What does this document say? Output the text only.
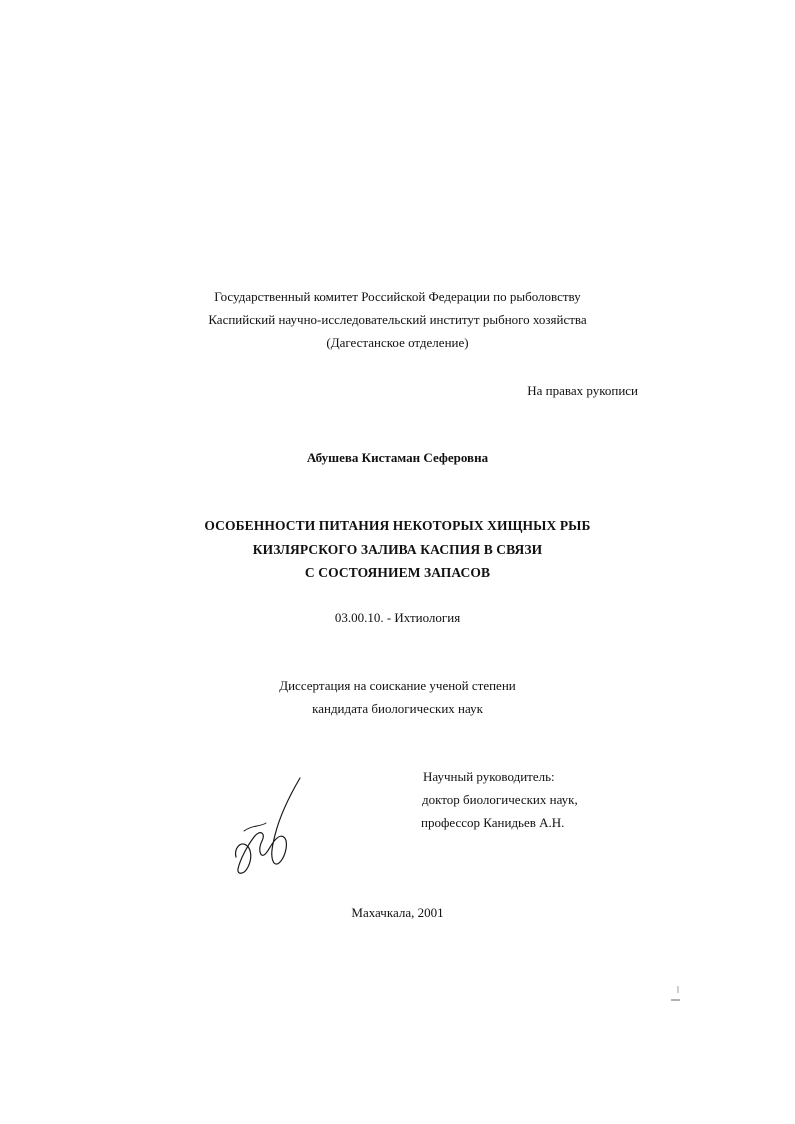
Государственный комитет Российской Федерации по рыболовству
Каспийский научно-исследовательский институт рыбного хозяйства
(Дагестанское отделение)
На правах рукописи
Абушева Кистаман Сеферовна
ОСОБЕННОСТИ ПИТАНИЯ НЕКОТОРЫХ ХИЩНЫХ РЫБ
КИЗЛЯРСКОГО ЗАЛИВА КАСПИЯ В СВЯЗИ
С СОСТОЯНИЕМ ЗАПАСОВ
03.00.10. - Ихтиология
Диссертация на соискание ученой степени
кандидата биологических наук
Научный руководитель:
доктор биологических наук,
профессор Канидьев А.Н.
Махачкала, 2001
